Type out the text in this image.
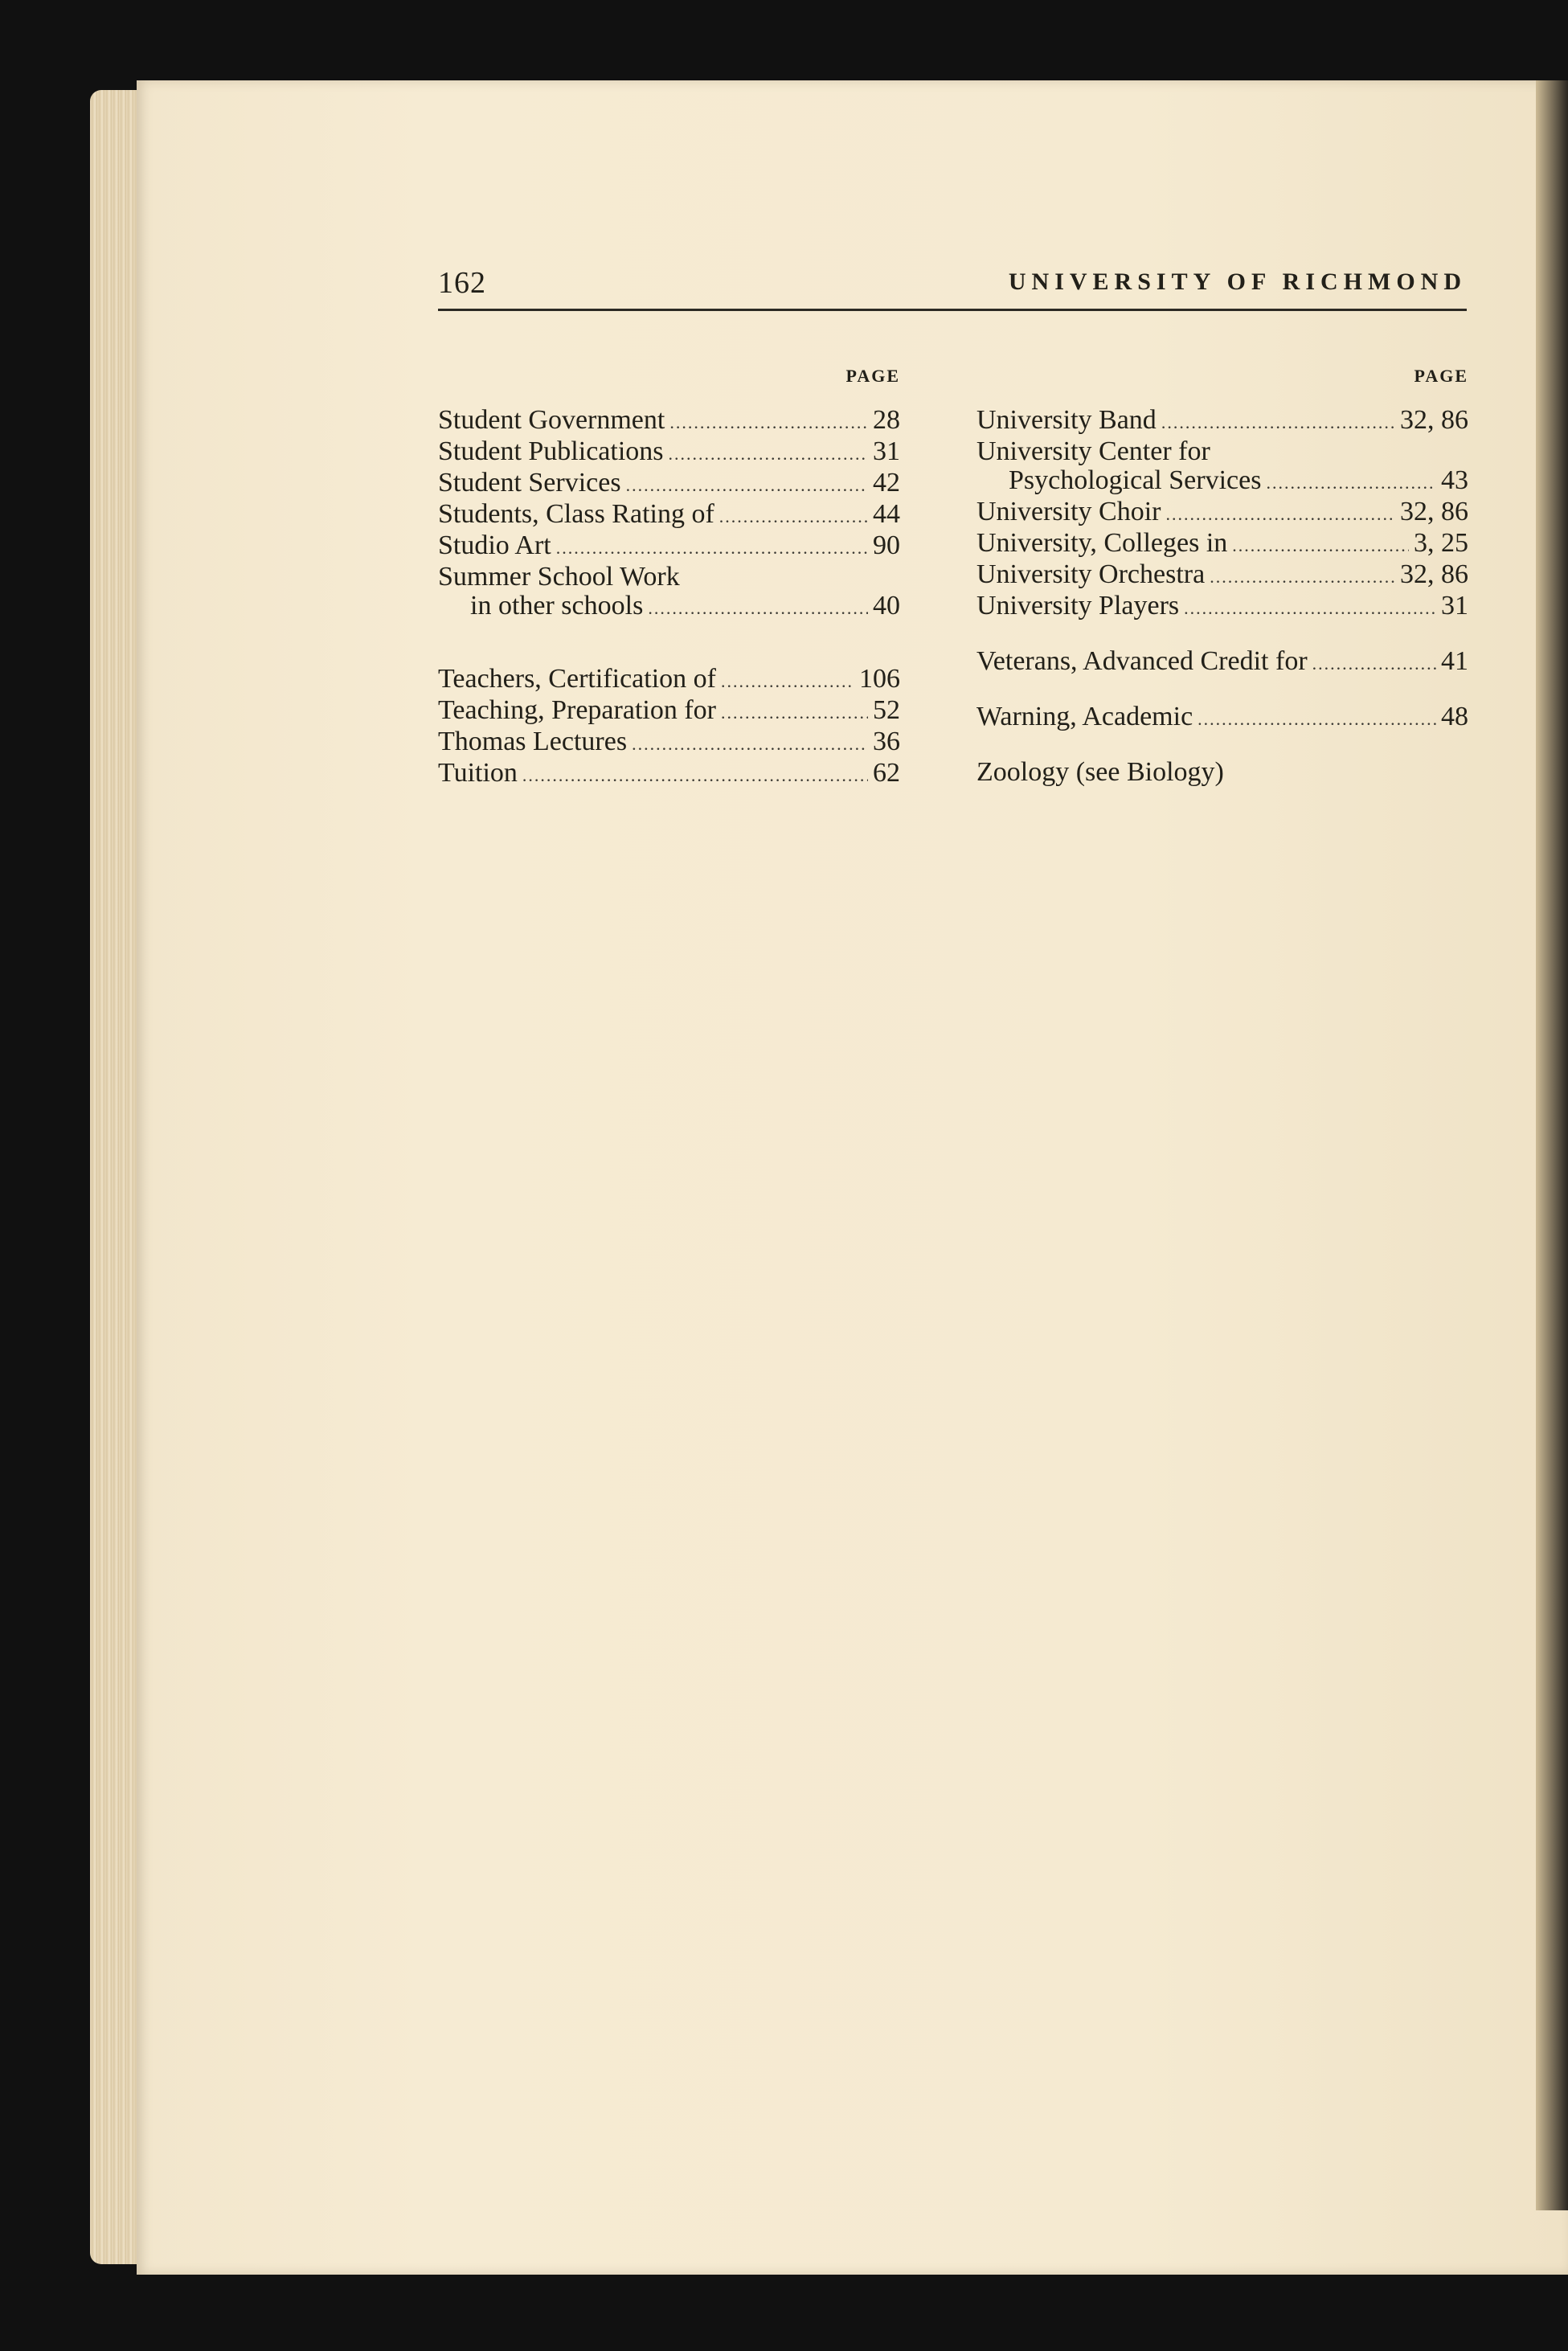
162	UNIVERSITY OF RICHMOND
PAGE
Student Government .....	28
Student Publications .....	31
Student Services .....	42
Students, Class Rating of .....	44
Studio Art .....	90
Summer School Work
in other schools .....	40
Teachers, Certification of .....	106
Teaching, Preparation for .....	52
Thomas Lectures .....	36
Tuition .....	62
PAGE
University Band .....	32, 86
University Center for
Psychological Services .....	43
University Choir .....	32, 86
University, Colleges in .....	3, 25
University Orchestra .....	32, 86
University Players .....	31
Veterans, Advanced Credit for .....	41
Warning, Academic .....	48
Zoology (see Biology)
